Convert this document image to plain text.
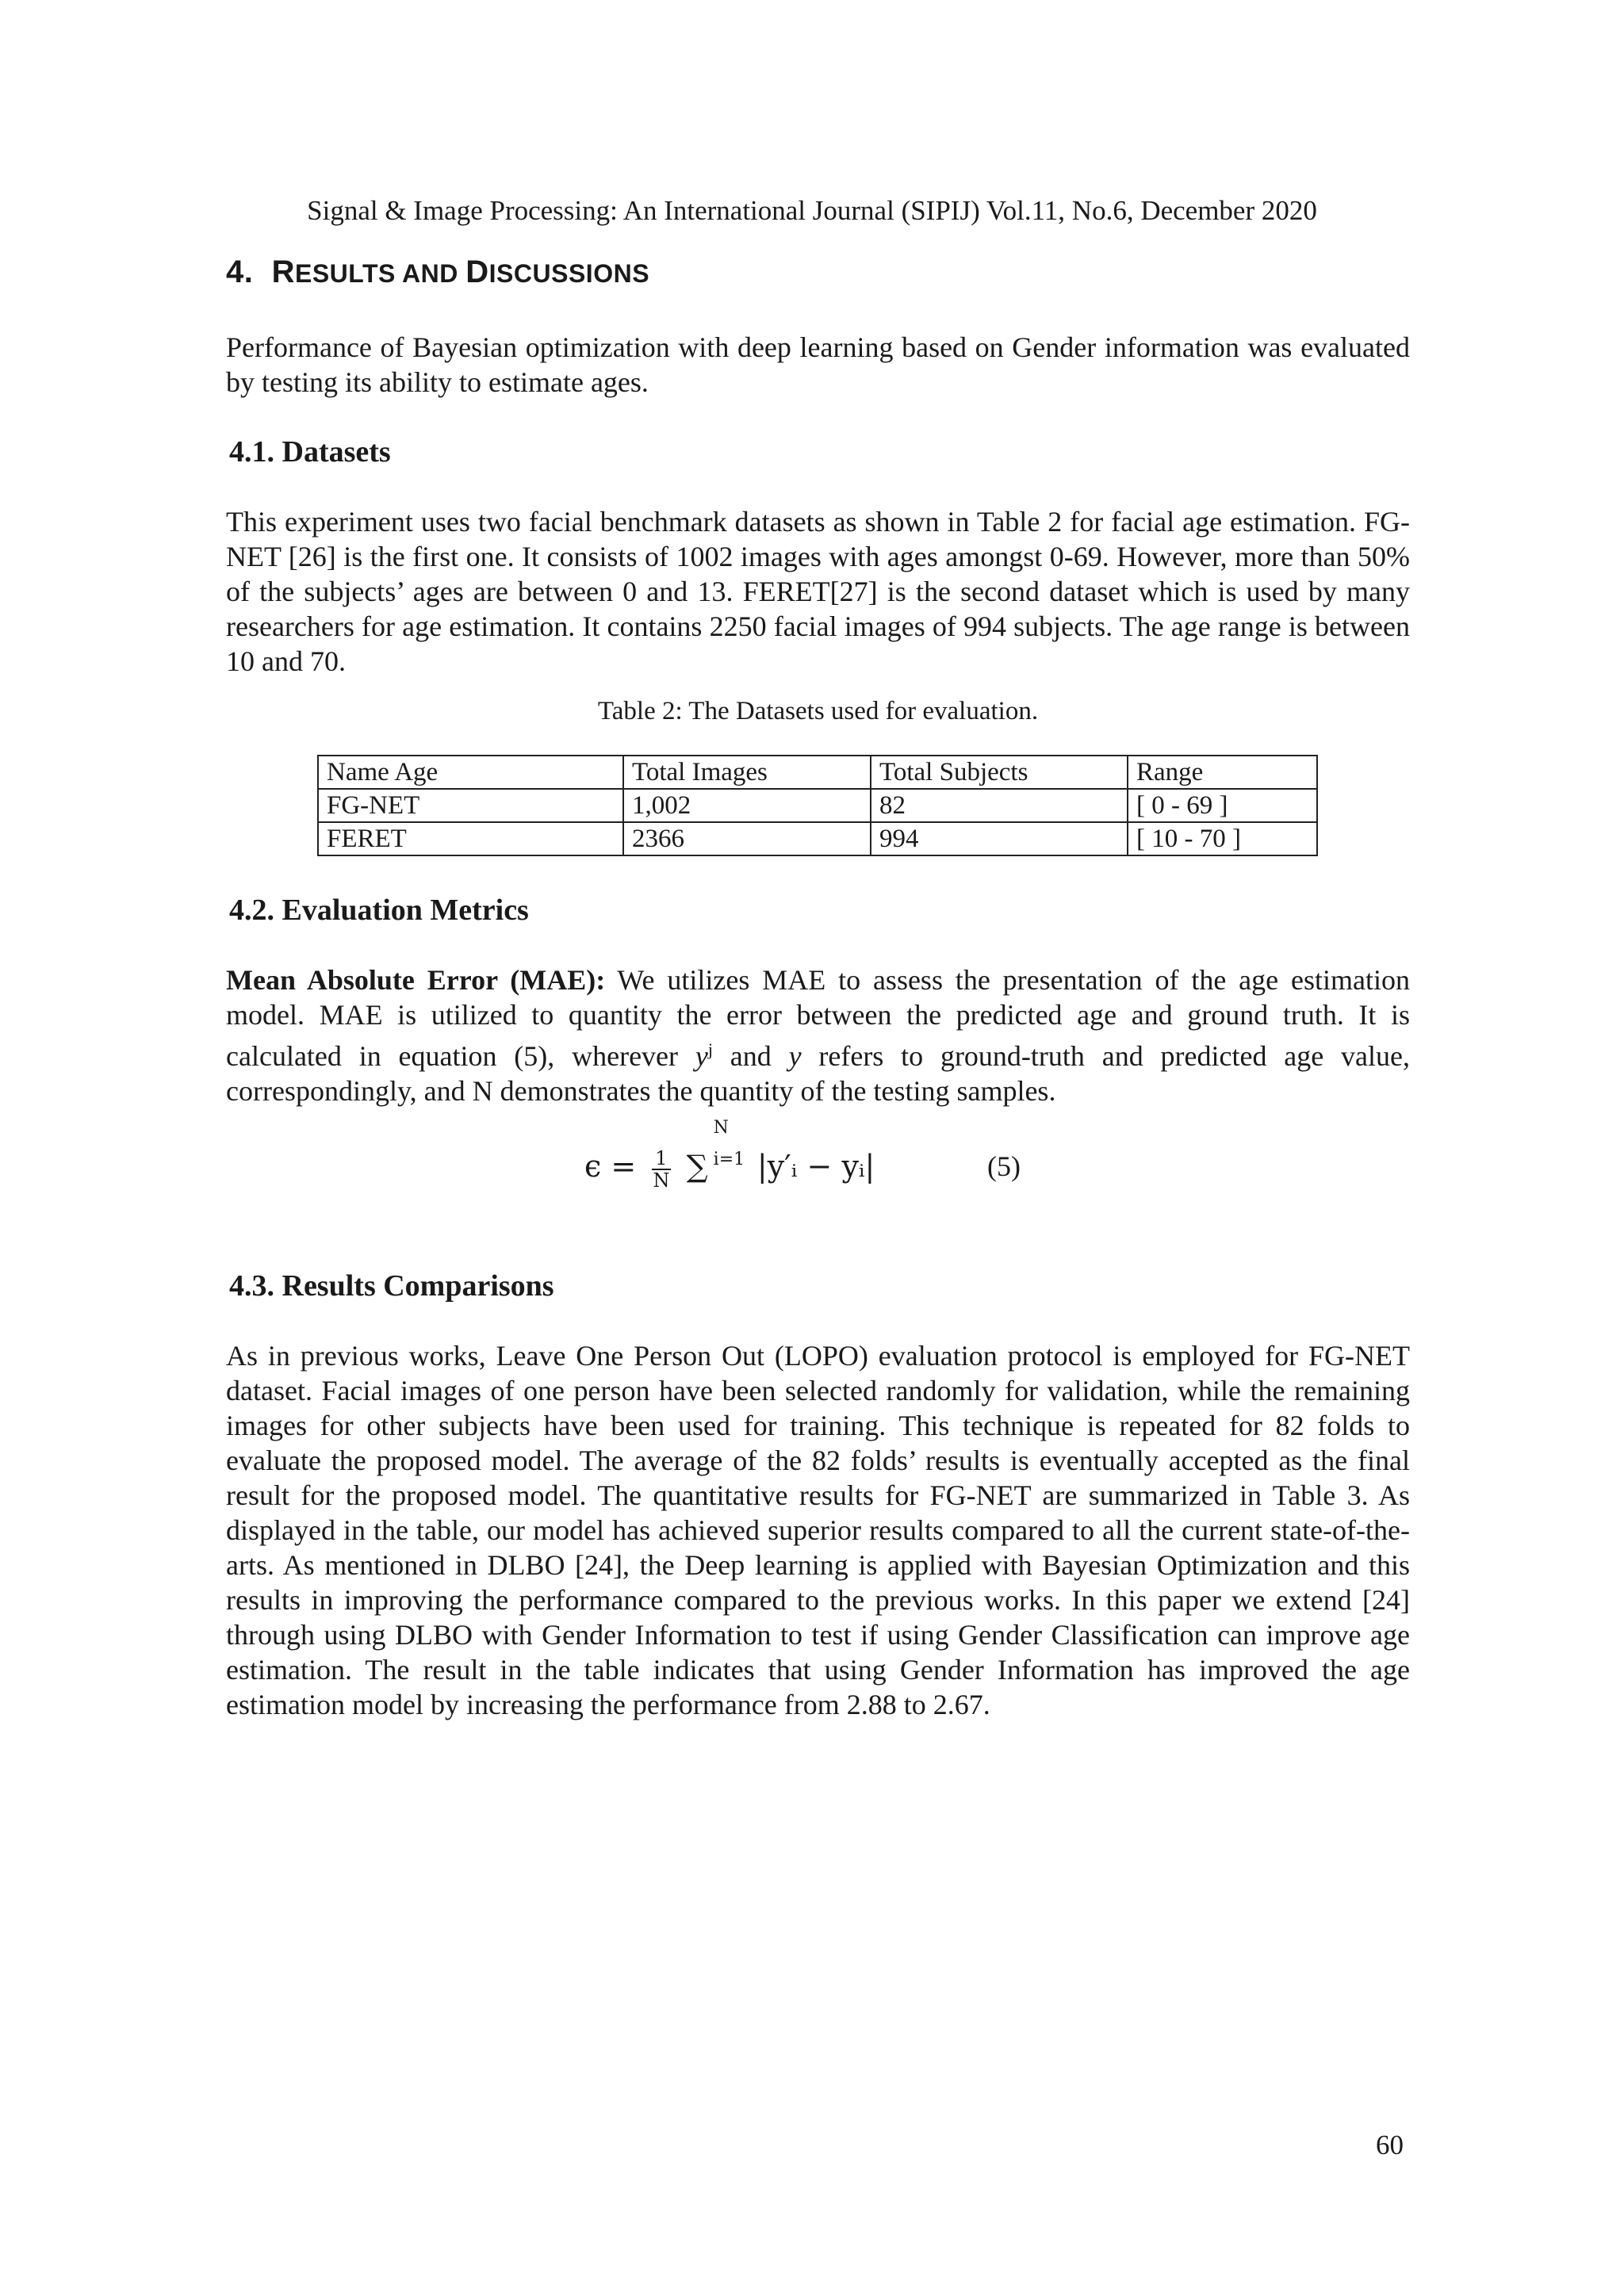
Signal & Image Processing: An International Journal (SIPIJ) Vol.11, No.6, December 2020
4. RESULTS AND DISCUSSIONS

Performance of Bayesian optimization with deep learning based on Gender information was evaluated by testing its ability to estimate ages.

4.1. Datasets

This experiment uses two facial benchmark datasets as shown in Table 2 for facial age estimation. FG-NET [26] is the first one. It consists of 1002 images with ages amongst 0-69. However, more than 50% of the subjects’ ages are between 0 and 13. FERET[27] is the second dataset which is used by many researchers for age estimation. It contains 2250 facial images of 994 subjects. The age range is between 10 and 70.

Table 2: The Datasets used for evaluation.
Name Age	Total Images	Total Subjects	Range
FG-NET	1,002	82	[ 0 - 69 ]
FERET	2366	994	[ 10 - 70 ]
4.2. Evaluation Metrics

Mean Absolute Error (MAE): We utilizes MAE to assess the presentation of the age estimation model. MAE is utilized to quantity the error between the predicted age and ground truth. It is calculated in equation (5), wherever $y^j$ and y refers to ground-truth and predicted age value, correspondingly, and N demonstrates the quantity of the testing samples.

$\epsilon = \frac{1}{N}$ ∑
N
i=1 |y′ᵢ − yᵢ|	(5)
4.3. Results Comparisons

As in previous works, Leave One Person Out (LOPO) evaluation protocol is employed for FG-NET dataset. Facial images of one person have been selected randomly for validation, while the remaining images for other subjects have been used for training. This technique is repeated for 82 folds to evaluate the proposed model. The average of the 82 folds’ results is eventually accepted as the final result for the proposed model. The quantitative results for FG-NET are summarized in Table 3. As displayed in the table, our model has achieved superior results compared to all the current state-of-the-arts. As mentioned in DLBO [24], the Deep learning is applied with Bayesian Optimization and this results in improving the performance compared to the previous works. In this paper we extend [24] through using DLBO with Gender Information to test if using Gender Classification can improve age estimation. The result in the table indicates that using Gender Information has improved the age estimation model by increasing the performance from 2.88 to 2.67.

60
